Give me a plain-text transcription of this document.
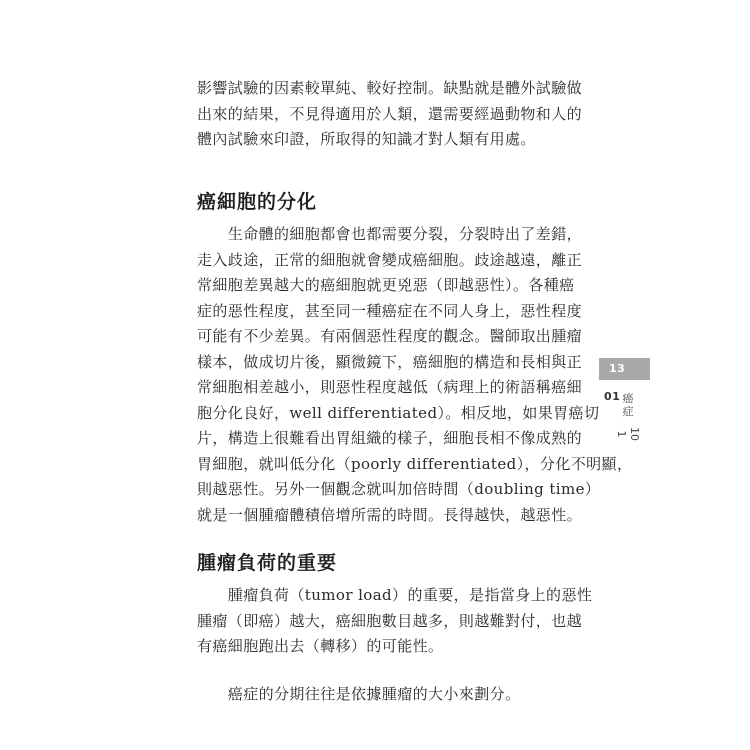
影響試驗的因素較單純、較好控制。缺點就是體外試驗做
出來的結果，不見得適用於人類，還需要經過動物和人的
體內試驗來印證，所取得的知識才對人類有用處。
癌細胞的分化
　　生命體的細胞都會也都需要分裂，分裂時出了差錯，
走入歧途，正常的細胞就會變成癌細胞。歧途越遠，離正
常細胞差異越大的癌細胞就更兇惡（即越惡性）。各種癌
症的惡性程度，甚至同一種癌症在不同人身上，惡性程度
可能有不少差異。有兩個惡性程度的觀念。醫師取出腫瘤
樣本，做成切片後，顯微鏡下，癌細胞的構造和長相與正
常細胞相差越小，則惡性程度越低（病理上的術語稱癌細
胞分化良好，well differentiated）。相反地，如果胃癌切
片，構造上很難看出胃組織的樣子，細胞長相不像成熟的
胃細胞，就叫低分化（poorly differentiated），分化不明顯，
則越惡性。另外一個觀念就叫加倍時間（doubling time）
就是一個腫瘤體積倍增所需的時間。長得越快，越惡性。
腫瘤負荷的重要
　　腫瘤負荷（tumor load）的重要，是指當身上的惡性
腫瘤（即癌）越大，癌細胞數目越多，則越難對付，也越
有癌細胞跑出去（轉移）的可能性。
　　癌症的分期往往是依據腫瘤的大小來劃分。
13
01 癌症
101
